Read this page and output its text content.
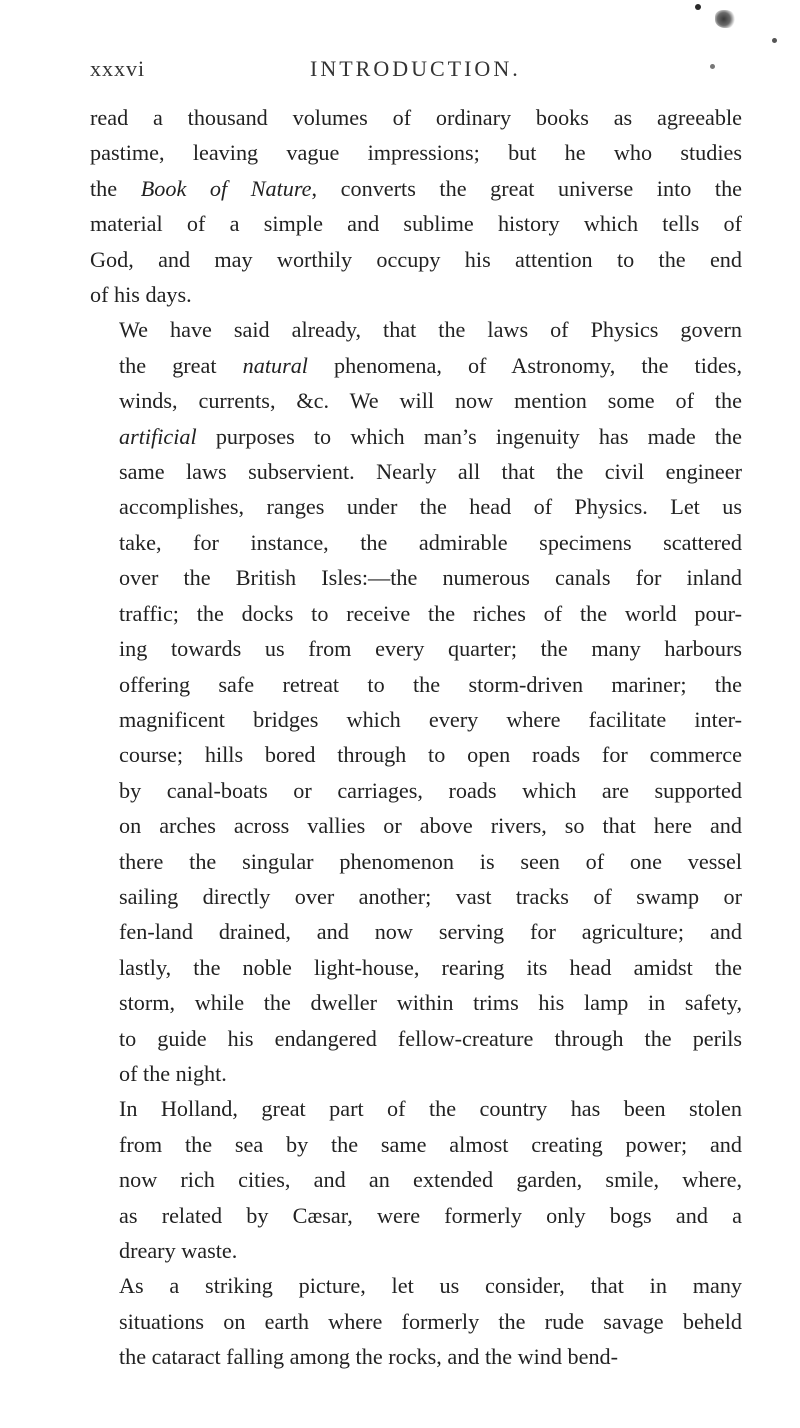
xxxvi	INTRODUCTION.

read a thousand volumes of ordinary books as agreeable
pastime, leaving vague impressions; but he who studies
the Book of Nature, converts the great universe into the
material of a simple and sublime history which tells of
God, and may worthily occupy his attention to the end
of his days.

We have said already, that the laws of Physics govern
the great natural phenomena, of Astronomy, the tides,
winds, currents, &c. We will now mention some of the
artificial purposes to which man’s ingenuity has made the
same laws subservient. Nearly all that the civil engineer
accomplishes, ranges under the head of Physics. Let us
take, for instance, the admirable specimens scattered
over the British Isles:—the numerous canals for inland
traffic; the docks to receive the riches of the world pour-
ing towards us from every quarter; the many harbours
offering safe retreat to the storm-driven mariner; the
magnificent bridges which every where facilitate inter-
course; hills bored through to open roads for commerce
by canal-boats or carriages, roads which are supported
on arches across vallies or above rivers, so that here and
there the singular phenomenon is seen of one vessel
sailing directly over another; vast tracks of swamp or
fen-land drained, and now serving for agriculture; and
lastly, the noble light-house, rearing its head amidst the
storm, while the dweller within trims his lamp in safety,
to guide his endangered fellow-creature through the perils
of the night.

In Holland, great part of the country has been stolen
from the sea by the same almost creating power; and
now rich cities, and an extended garden, smile, where,
as related by Cæsar, were formerly only bogs and a
dreary waste.

As a striking picture, let us consider, that in many
situations on earth where formerly the rude savage beheld
the cataract falling among the rocks, and the wind bend-
